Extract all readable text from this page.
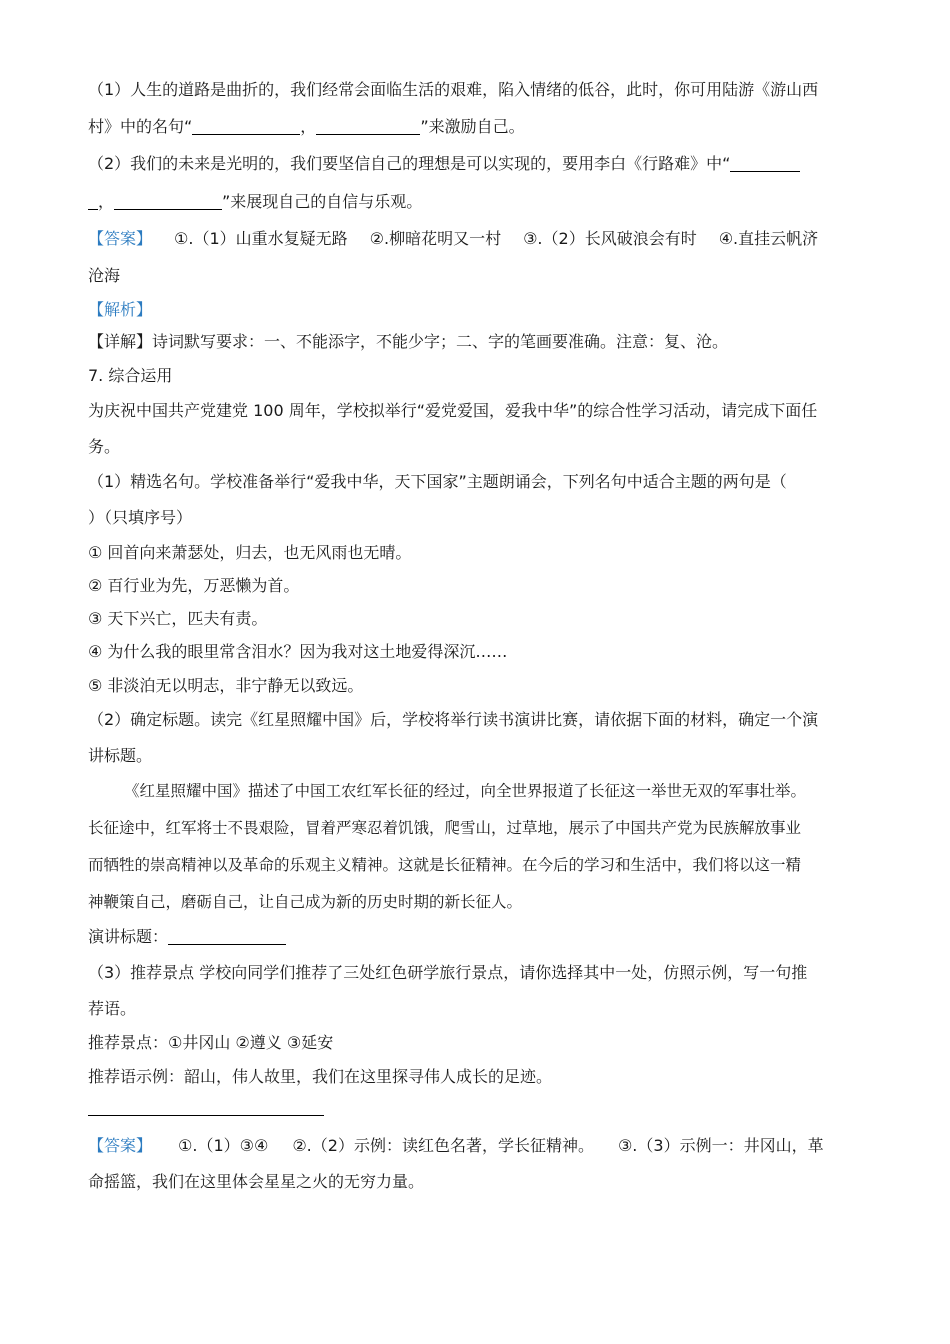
（1）人生的道路是曲折的，我们经常会面临生活的艰难，陷入情绪的低谷，此时，你可用陆游《游山西
村》中的名句“	，	”来激励自己。
（2）我们的未来是光明的，我们要坚信自己的理想是可以实现的，要用李白《行路难》中“
，	”来展现自己的自信与乐观。
【答案】 ①.（1）山重水复疑无路 ②.柳暗花明又一村 ③.（2）长风破浪会有时 ④.直挂云帆济
沧海
【解析】
【详解】诗词默写要求：一、不能添字，不能少字；二、字的笔画要准确。注意：复、沧。
7. 综合运用
为庆祝中国共产党建党 100 周年，学校拟举行“爱党爱国，爱我中华”的综合性学习活动，请完成下面任
务。
（1）精选名句。学校准备举行“爱我中华，天下国家”主题朗诵会，下列名句中适合主题的两句是（
）（只填序号）
① 回首向来萧瑟处，归去，也无风雨也无晴。
② 百行业为先，万恶懒为首。
③ 天下兴亡，匹夫有责。
④ 为什么我的眼里常含泪水？因为我对这土地爱得深沉……
⑤ 非淡泊无以明志，非宁静无以致远。
（2）确定标题。读完《红星照耀中国》后，学校将举行读书演讲比赛，请依据下面的材料，确定一个演
讲标题。
《红星照耀中国》描述了中国工农红军长征的经过，向全世界报道了长征这一举世无双的军事壮举。
长征途中，红军将士不畏艰险，冒着严寒忍着饥饿，爬雪山，过草地，展示了中国共产党为民族解放事业
而牺牲的崇高精神以及革命的乐观主义精神。这就是长征精神。在今后的学习和生活中，我们将以这一精
神鞭策自己，磨砺自己，让自己成为新的历史时期的新长征人。
演讲标题：
（3）推荐景点 学校向同学们推荐了三处红色研学旅行景点，请你选择其中一处，仿照示例，写一句推
荐语。
推荐景点：①井冈山 ②遵义 ③延安
推荐语示例：韶山，伟人故里，我们在这里探寻伟人成长的足迹。
【答案】 ①.（1）③④ ②.（2）示例：读红色名著，学长征精神。 ③.（3）示例一：井冈山，革
命摇篮，我们在这里体会星星之火的无穷力量。
